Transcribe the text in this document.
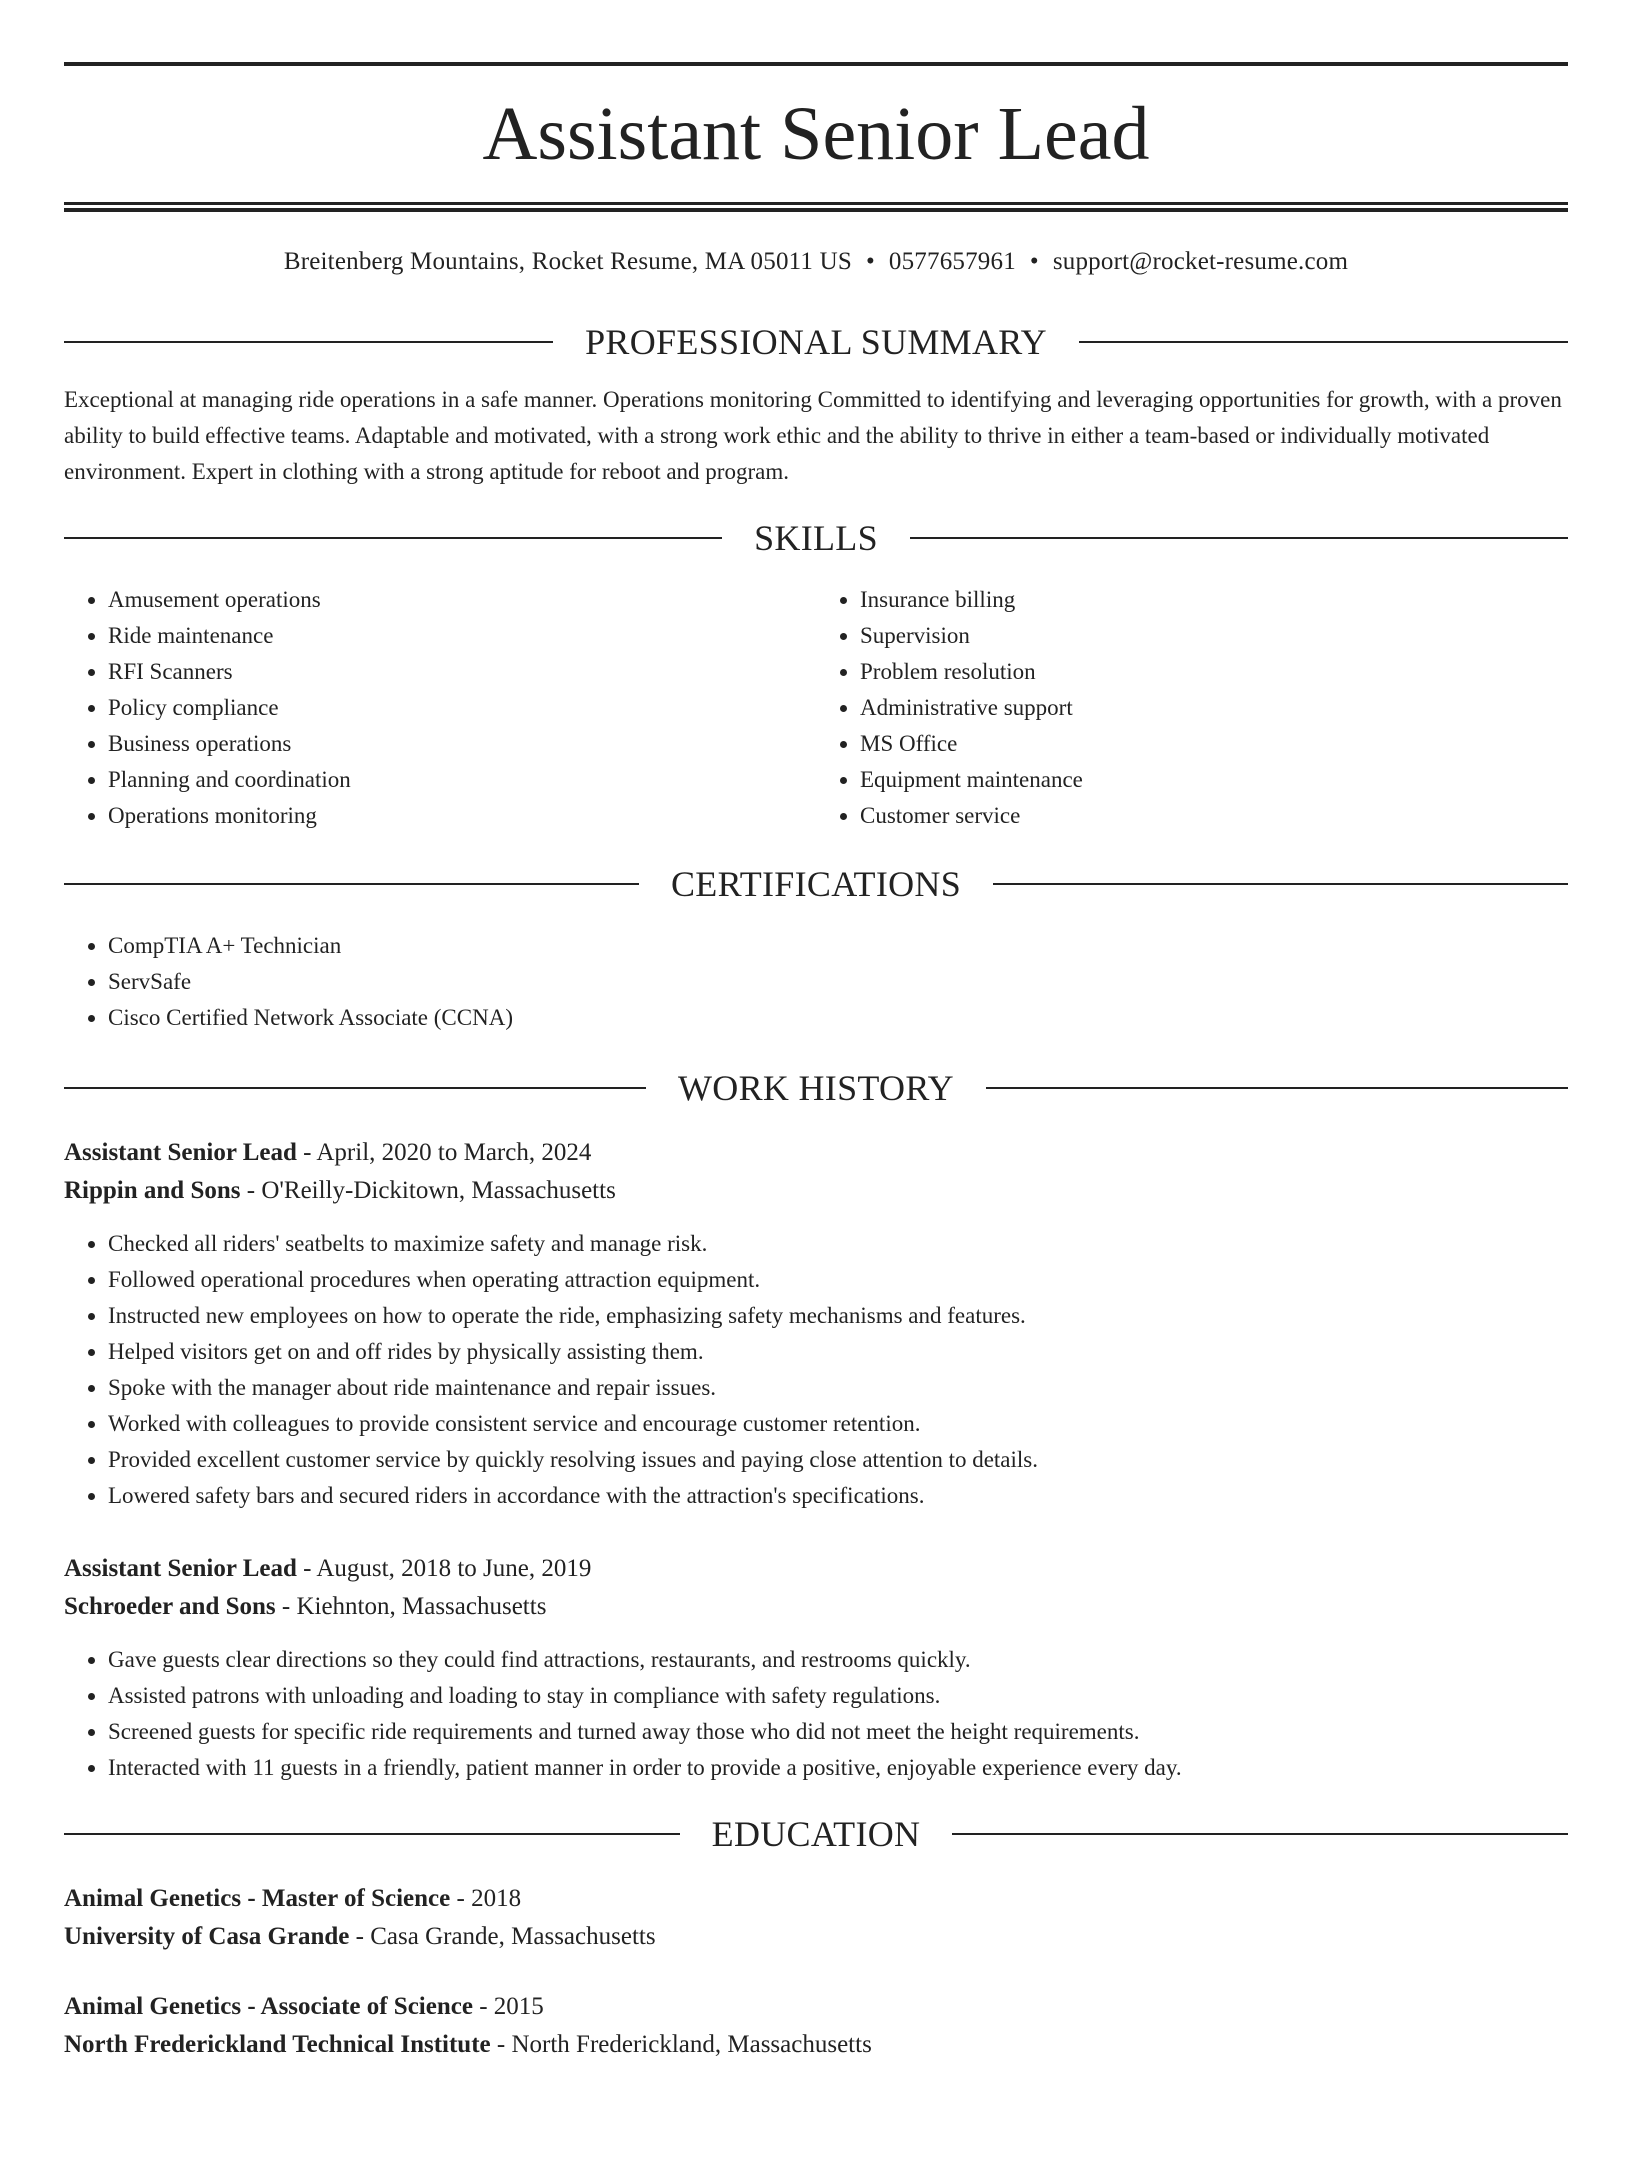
Assistant Senior Lead
Breitenberg Mountains, Rocket Resume, MA 05011 US • 0577657961 • support@rocket-resume.com
PROFESSIONAL SUMMARY
Exceptional at managing ride operations in a safe manner. Operations monitoring Committed to identifying and leveraging opportunities for growth, with a proven ability to build effective teams. Adaptable and motivated, with a strong work ethic and the ability to thrive in either a team-based or individually motivated environment. Expert in clothing with a strong aptitude for reboot and program.
SKILLS
• Amusement operations
• Ride maintenance
• RFI Scanners
• Policy compliance
• Business operations
• Planning and coordination
• Operations monitoring
• Insurance billing
• Supervision
• Problem resolution
• Administrative support
• MS Office
• Equipment maintenance
• Customer service
CERTIFICATIONS
• CompTIA A+ Technician
• ServSafe
• Cisco Certified Network Associate (CCNA)
WORK HISTORY
Assistant Senior Lead - April, 2020 to March, 2024
Rippin and Sons - O'Reilly-Dickitown, Massachusetts
• Checked all riders' seatbelts to maximize safety and manage risk.
• Followed operational procedures when operating attraction equipment.
• Instructed new employees on how to operate the ride, emphasizing safety mechanisms and features.
• Helped visitors get on and off rides by physically assisting them.
• Spoke with the manager about ride maintenance and repair issues.
• Worked with colleagues to provide consistent service and encourage customer retention.
• Provided excellent customer service by quickly resolving issues and paying close attention to details.
• Lowered safety bars and secured riders in accordance with the attraction's specifications.
Assistant Senior Lead - August, 2018 to June, 2019
Schroeder and Sons - Kiehnton, Massachusetts
• Gave guests clear directions so they could find attractions, restaurants, and restrooms quickly.
• Assisted patrons with unloading and loading to stay in compliance with safety regulations.
• Screened guests for specific ride requirements and turned away those who did not meet the height requirements.
• Interacted with 11 guests in a friendly, patient manner in order to provide a positive, enjoyable experience every day.
EDUCATION
Animal Genetics - Master of Science - 2018
University of Casa Grande - Casa Grande, Massachusetts
Animal Genetics - Associate of Science - 2015
North Frederickland Technical Institute - North Frederickland, Massachusetts
